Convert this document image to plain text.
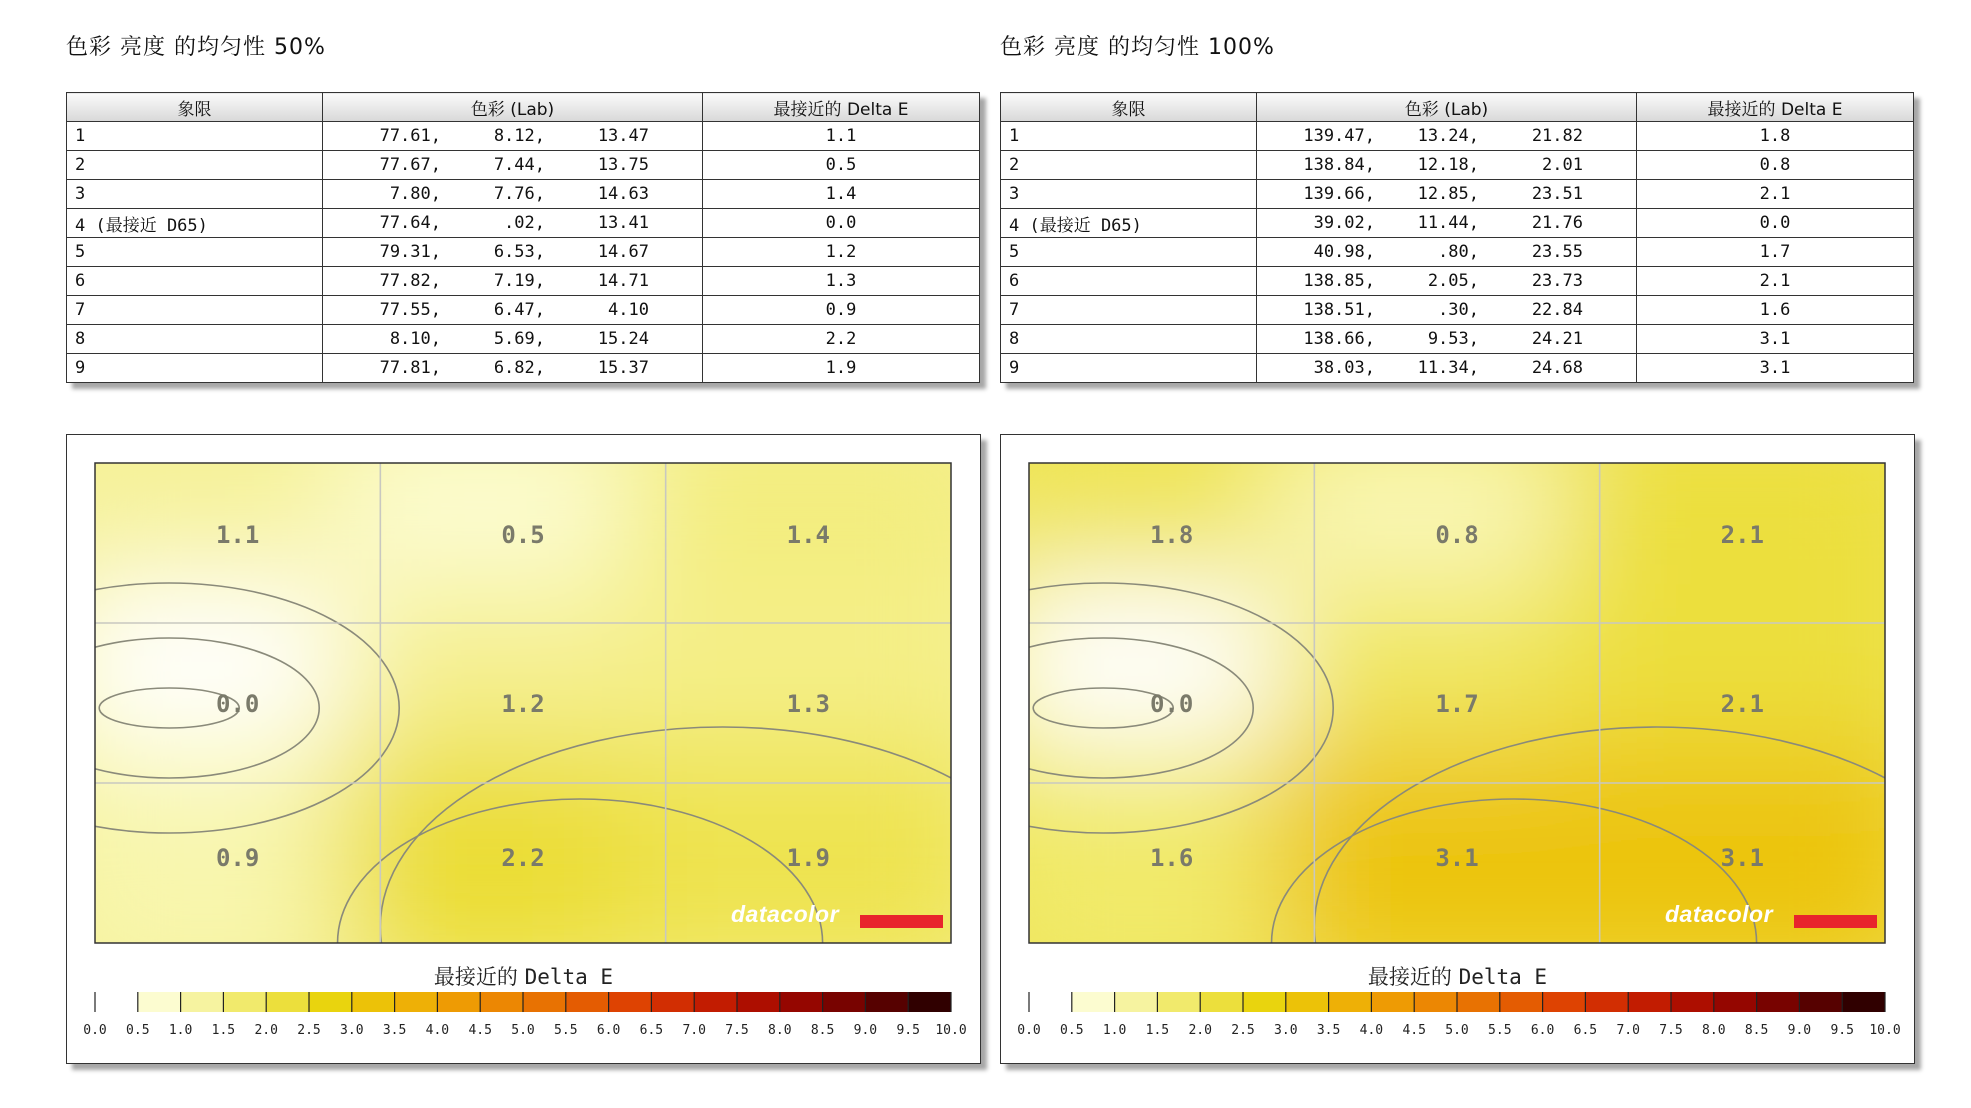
色彩 亮度 的均匀性 50%	色彩 亮度 的均匀性 100%
象限	色彩 (Lab)	最接近的 Delta E
1	77.61, 8.12, 13.47	1.1
2	77.67, 7.44, 13.75	0.5
3	7.80, 7.76, 14.63	1.4
4 (最接近 D65)	77.64, .02, 13.41	0.0
5	79.31, 6.53, 14.67	1.2
6	77.82, 7.19, 14.71	1.3
7	77.55, 6.47, 4.10	0.9
8	8.10, 5.69, 15.24	2.2
9	77.81, 6.82, 15.37	1.9
象限	色彩 (Lab)	最接近的 Delta E
1	139.47, 13.24, 21.82	1.8
2	138.84, 12.18, 2.01	0.8
3	139.66, 12.85, 23.51	2.1
4 (最接近 D65)	39.02, 11.44, 21.76	0.0
5	40.98, .80, 23.55	1.7
6	138.85, 2.05, 23.73	2.1
7	138.51, .30, 22.84	1.6
8	138.66, 9.53, 24.21	3.1
9	38.03, 11.34, 24.68	3.1
1.1	0.5	1.4
0.0	1.2	1.3
0.9	2.2	1.9
0.0 0.5 1.0 1.5 2.0 2.5 3.0 3.5 4.0 4.5 5.0 5.5 6.0 6.5 7.0 7.5 8.0 8.5 9.0 9.5 10.0
datacolor
最接近的 Delta E
1.8	0.8	2.1
0.0	1.7	2.1
1.6	3.1	3.1
0.0 0.5 1.0 1.5 2.0 2.5 3.0 3.5 4.0 4.5 5.0 5.5 6.0 6.5 7.0 7.5 8.0 8.5 9.0 9.5 10.0
datacolor
最接近的 Delta E
